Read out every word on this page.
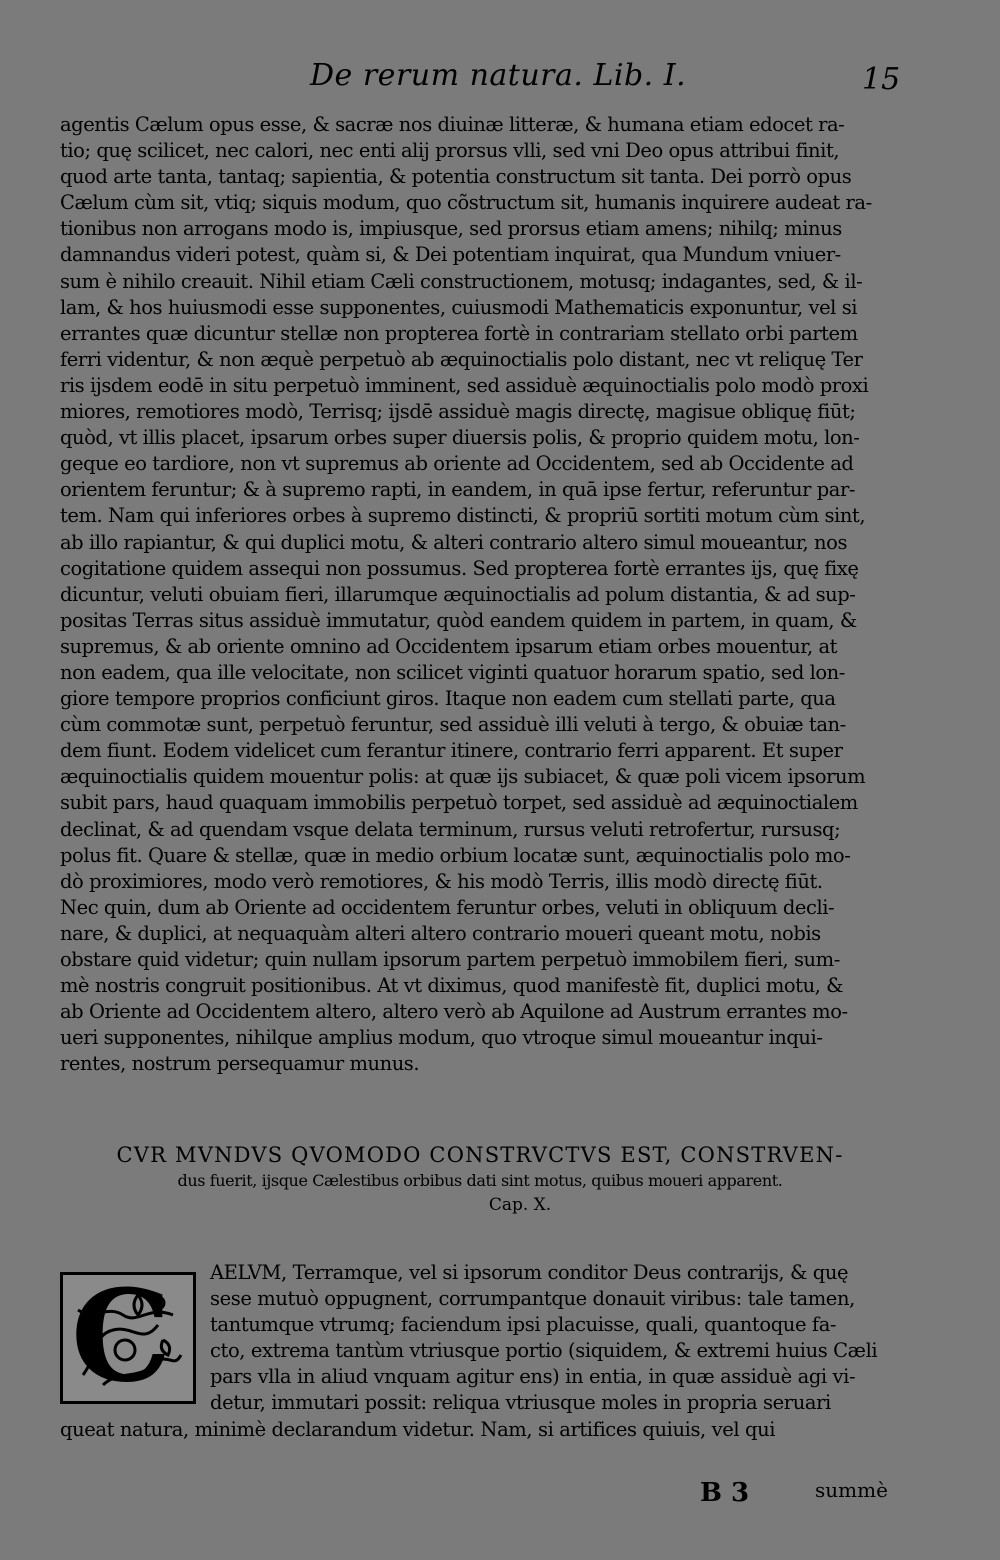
De rerum natura. Lib. I.	15
agentis Cælum opus esse, & sacræ nos diuinæ litteræ, & humana etiam edocet ra-
tio; quę scilicet, nec calori, nec enti alij prorsus vlli, sed vni Deo opus attribui finit,
quod arte tanta, tantaq; sapientia, & potentia constructum sit tanta. Dei porrò opus
Cælum cùm sit, vtiq; siquis modum, quo cõstructum sit, humanis inquirere audeat ra-
tionibus non arrogans modo is, impiusque, sed prorsus etiam amens; nihilq; minus
damnandus videri potest, quàm si, & Dei potentiam inquirat, qua Mundum vniuer-
sum è nihilo creauit. Nihil etiam Cæli constructionem, motusq; indagantes, sed, & il-
lam, & hos huiusmodi esse supponentes, cuiusmodi Mathematicis exponuntur, vel si
errantes quæ dicuntur stellæ non propterea fortè in contrariam stellato orbi partem
ferri videntur, & non æquè perpetuò ab æquinoctialis polo distant, nec vt reliquę Ter
ris ijsdem eodē in situ perpetuò imminent, sed assiduè æquinoctialis polo modò proxi
miores, remotiores modò, Terrisq; ijsdē assiduè magis directę, magisue obliquę fiūt;
quòd, vt illis placet, ipsarum orbes super diuersis polis, & proprio quidem motu, lon-
geque eo tardiore, non vt supremus ab oriente ad Occidentem, sed ab Occidente ad
orientem feruntur; & à supremo rapti, in eandem, in quā ipse fertur, referuntur par-
tem. Nam qui inferiores orbes à supremo distincti, & propriū sortiti motum cùm sint,
ab illo rapiantur, & qui duplici motu, & alteri contrario altero simul moueantur, nos
cogitatione quidem assequi non possumus. Sed propterea fortè errantes ijs, quę fixę
dicuntur, veluti obuiam fieri, illarumque æquinoctialis ad polum distantia, & ad sup-
positas Terras situs assiduè immutatur, quòd eandem quidem in partem, in quam, &
supremus, & ab oriente omnino ad Occidentem ipsarum etiam orbes mouentur, at
non eadem, qua ille velocitate, non scilicet viginti quatuor horarum spatio, sed lon-
giore tempore proprios conficiunt giros. Itaque non eadem cum stellati parte, qua
cùm commotæ sunt, perpetuò feruntur, sed assiduè illi veluti à tergo, & obuiæ tan-
dem fiunt. Eodem videlicet cum ferantur itinere, contrario ferri apparent. Et super
æquinoctialis quidem mouentur polis: at quæ ijs subiacet, & quæ poli vicem ipsorum
subit pars, haud quaquam immobilis perpetuò torpet, sed assiduè ad æquinoctialem
declinat, & ad quendam vsque delata terminum, rursus veluti retrofertur, rursusq;
polus fit. Quare & stellæ, quæ in medio orbium locatæ sunt, æquinoctialis polo mo-
dò proximiores, modo verò remotiores, & his modò Terris, illis modò directę fiūt.
Nec quin, dum ab Oriente ad occidentem feruntur orbes, veluti in obliquum decli-
nare, & duplici, at nequaquàm alteri altero contrario moueri queant motu, nobis
obstare quid videtur; quin nullam ipsorum partem perpetuò immobilem fieri, sum-
mè nostris congruit positionibus. At vt diximus, quod manifestè fit, duplici motu, &
ab Oriente ad Occidentem altero, altero verò ab Aquilone ad Austrum errantes mo-
ueri supponentes, nihilque amplius modum, quo vtroque simul moueantur inqui-
rentes, nostrum persequamur munus.
CVR MVNDVS QVOMODO CONSTRVCTVS EST, CONSTRVEN-
dus fuerit, ijsque Cælestibus orbibus dati sint motus, quibus moueri apparent.
Cap. X.
C	AELVM, Terramque, vel si ipsorum conditor Deus contrarijs, & quę
sese mutuò oppugnent, corrumpantque donauit viribus: tale tamen,
tantumque vtrumq; faciendum ipsi placuisse, quali, quantoque fa-
cto, extrema tantùm vtriusque portio (siquidem, & extremi huius Cæli
pars vlla in aliud vnquam agitur ens) in entia, in quæ assiduè agi vi-
detur, immutari possit: reliqua vtriusque moles in propria seruari
queat natura, minimè declarandum videtur. Nam, si artifices quiuis, vel qui
B 3	summè
